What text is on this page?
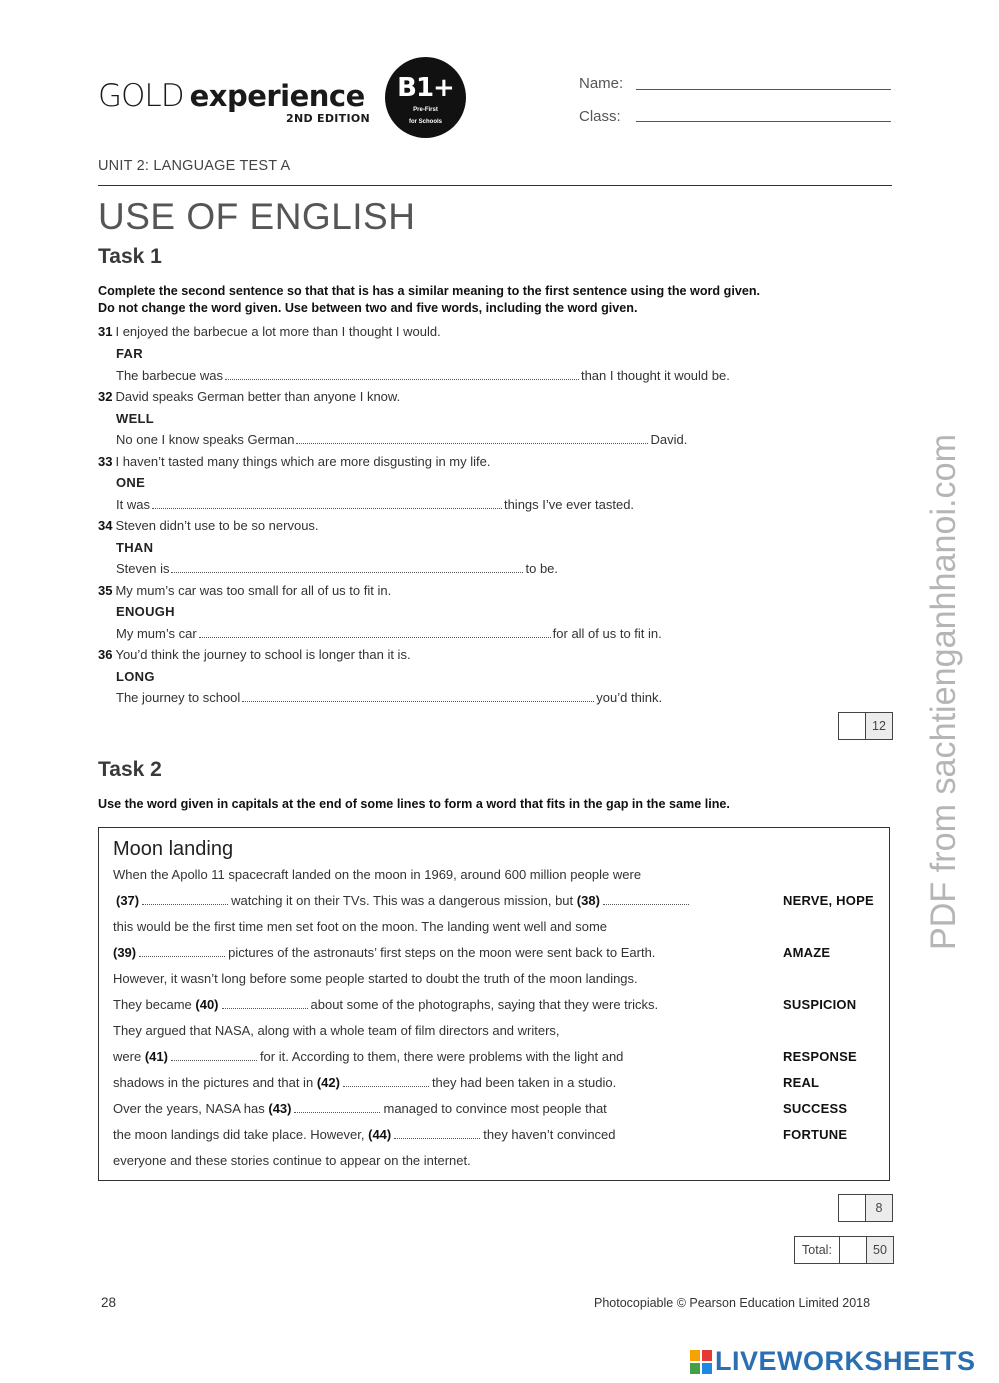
GOLD experience
2ND EDITION
B1+
Pre-First
for Schools
Name:
Class:
UNIT 2: LANGUAGE TEST A
USE OF ENGLISH
Task 1
Complete the second sentence so that that is has a similar meaning to the first sentence using the word given.
Do not change the word given. Use between two and five words, including the word given.
31 I enjoyed the barbecue a lot more than I thought I would.
FAR
The barbecue was	than I thought it would be.
32 David speaks German better than anyone I know.
WELL
No one I know speaks German	David.
33 I haven’t tasted many things which are more disgusting in my life.
ONE
It was	things I’ve ever tasted.
34 Steven didn’t use to be so nervous.
THAN
Steven is	to be.
35 My mum’s car was too small for all of us to fit in.
ENOUGH
My mum’s car	for all of us to fit in.
36 You’d think the journey to school is longer than it is.
LONG
The journey to school	you’d think.
12
Task 2
Use the word given in capitals at the end of some lines to form a word that fits in the gap in the same line.
Moon landing
When the Apollo 11 spacecraft landed on the moon in 1969, around 600 million people were
(37)	watching it on their TVs. This was a dangerous mission, but (38)	NERVE, HOPE
this would be the first time men set foot on the moon. The landing went well and some
(39)	pictures of the astronauts’ first steps on the moon were sent back to Earth.	AMAZE
However, it wasn’t long before some people started to doubt the truth of the moon landings.
They became (40)	about some of the photographs, saying that they were tricks.	SUSPICION
They argued that NASA, along with a whole team of film directors and writers,
were (41)	for it. According to them, there were problems with the light and	RESPONSE
shadows in the pictures and that in (42)	they had been taken in a studio.	REAL
Over the years, NASA has (43)	managed to convince most people that	SUCCESS
the moon landings did take place. However, (44)	they haven’t convinced	FORTUNE
everyone and these stories continue to appear on the internet.
8
Total:	50
28	Photocopiable © Pearson Education Limited 2018
PDF from sachtienganhhanoi.com
LIVEWORKSHEETS
